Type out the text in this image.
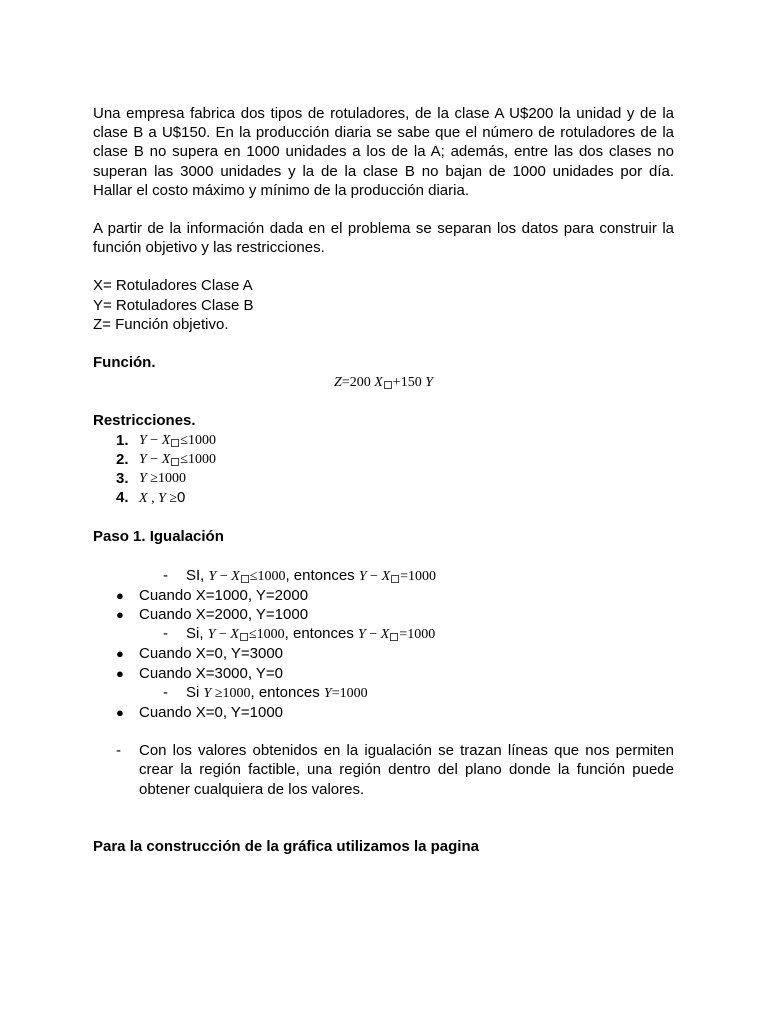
Una empresa fabrica dos tipos de rotuladores, de la clase A U$200 la unidad y de la clase B a U$150. En la producción diaria se sabe que el número de rotuladores de la clase B no supera en 1000 unidades a los de la A; además, entre las dos clases no superan las 3000 unidades y la de la clase B no bajan de 1000 unidades por día. Hallar el costo máximo y mínimo de la producción diaria.

A partir de la información dada en el problema se separan los datos para construir la función objetivo y las restricciones.

X= Rotuladores Clase A

Y= Rotuladores Clase B

Z= Función objetivo.

Función.

Z=200 X +150 Y

Restricciones.

1. Y − X ≤1000
2. Y − X ≤1000
3. Y ≥1000
4. X , Y ≥0

Paso 1. Igualación

-	SI, Y − X ≤1000, entonces Y − X =1000
●	Cuando X=1000, Y=2000
●	Cuando X=2000, Y=1000
-	Si, Y − X ≤1000, entonces Y − X =1000
●	Cuando X=0, Y=3000
●	Cuando X=3000, Y=0
-	Si Y ≥1000, entonces Y=1000
●	Cuando X=0, Y=1000
-	Con los valores obtenidos en la igualación se trazan líneas que nos permiten crear la región factible, una región dentro del plano donde la función puede obtener cualquiera de los valores.

Para la construcción de la gráfica utilizamos la pagina
